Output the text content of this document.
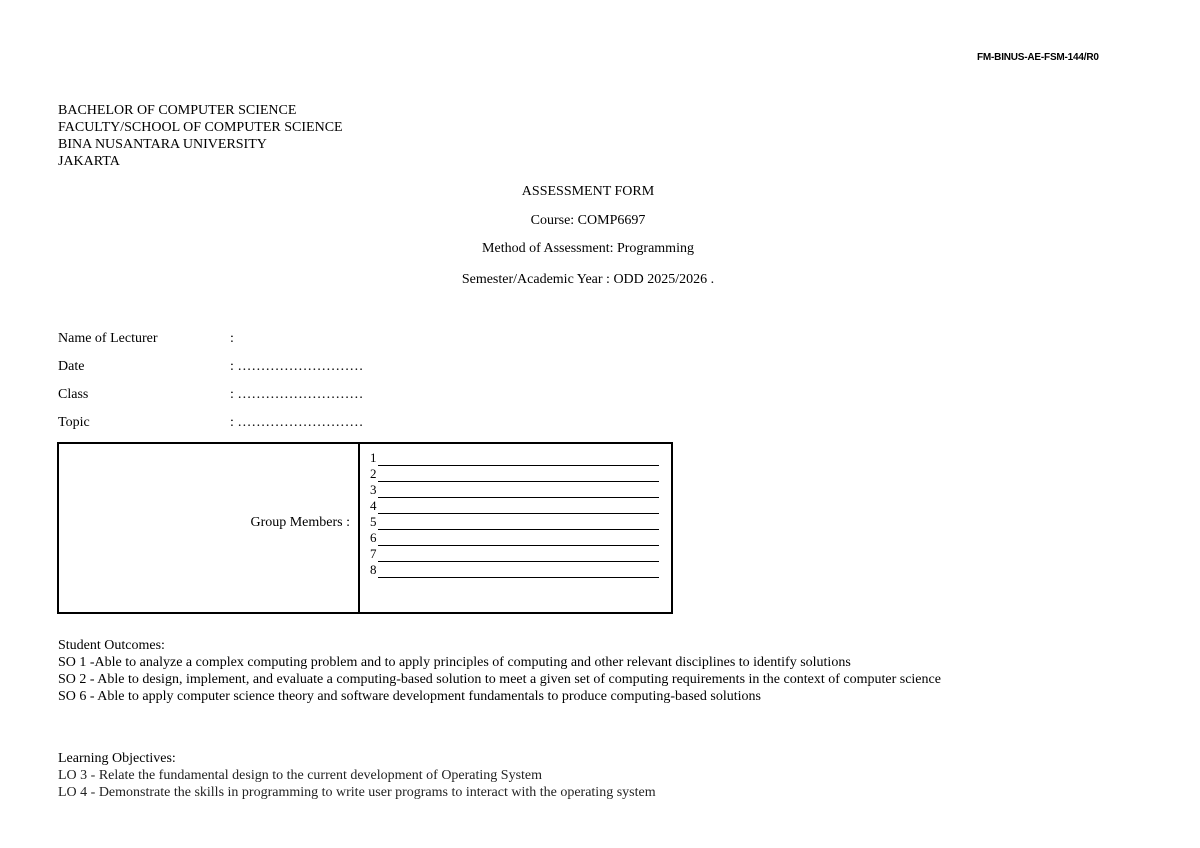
FM-BINUS-AE-FSM-144/R0
BACHELOR OF COMPUTER SCIENCE
FACULTY/SCHOOL OF COMPUTER SCIENCE
BINA NUSANTARA UNIVERSITY
JAKARTA
ASSESSMENT FORM
Course: COMP6697
Method of Assessment: Programming
Semester/Academic Year : ODD 2025/2026 .
Name of Lecturer	:
Date	: ………………………
Class	: ………………………
Topic	: ………………………
Group Members :
1
2
3
4
5
6
7
8
Student Outcomes:
SO 1 -Able to analyze a complex computing problem and to apply principles of computing and other relevant disciplines to identify solutions
SO 2 - Able to design, implement, and evaluate a computing-based solution to meet a given set of computing requirements in the context of computer science
SO 6 - Able to apply computer science theory and software development fundamentals to produce computing-based solutions
Learning Objectives:
LO 3 - Relate the fundamental design to the current development of Operating System
LO 4 - Demonstrate the skills in programming to write user programs to interact with the operating system
